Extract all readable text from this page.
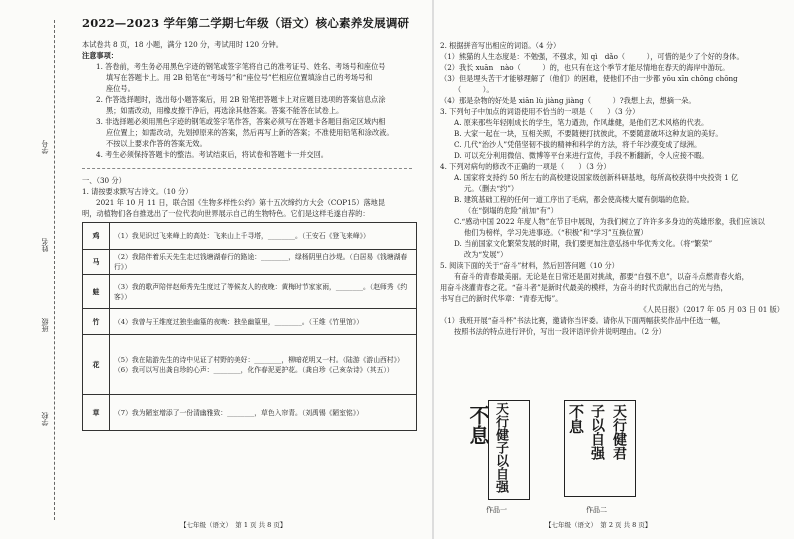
学号
姓名
班级
学校
2022—2023 学年第二学期七年级（语文）核心素养发展调研
本试卷共 8 页，18 小题，满分 120 分，考试用时 120 分钟。
注意事项：
1. 答卷前，考生务必用黑色字迹的钢笔或签字笔将自己的准考证号、姓名、考场号和座位号
填写在答题卡上。用 2B 铅笔在“考场号”和“座位号”栏相应位置填涂自己的考场号和
座位号。
2. 作答选择题时，选出每小题答案后，用 2B 铅笔把答题卡上对应题目选项的答案信息点涂
黑；如需改动，用橡皮擦干净后，再选涂其他答案。答案不能答在试卷上。
3. 非选择题必须用黑色字迹的钢笔或签字笔作答，答案必须写在答题卡各题目指定区域内相
应位置上；如需改动，先划掉原来的答案，然后再写上新的答案；不准使用铅笔和涂改液。
不按以上要求作答的答案无效。
4. 考生必须保持答题卡的整洁。考试结束后，将试卷和答题卡一并交回。
一、（30 分）
1. 请按要求默写古诗文。（10 分）
2021 年 10 月 11 日，联合国《生物多样性公约》第十五次缔约方大会（COP15）落地昆
明，动植物们各自推选出了一位代表向世界展示自己的生物特色。它们是这样毛遂自荐的：
鸡	（1）我见识过飞来峰上的高处：飞来山上千寻塔，________。（王安石《登飞来峰》）
马	（2）我陪伴着乐天先生走过钱塘湖春行的路途：________，绿杨阴里白沙堤。（白居易《钱塘湖春行》）
蛙	（3）我的歌声陪伴赵师秀先生度过了等候友人的夜晚：黄梅时节家家雨，________。（赵师秀《约客》）
竹	（4）我曾与王维度过独坐幽篁的夜晚：独坐幽篁里，________。（王维《竹里馆》）
花	（5）我在陆游先生的诗中见证了村野的美好：________，柳暗花明又一村。（陆游《游山西村》） （6）我可以写出龚自珍的心声：________，化作春泥更护花。（龚自珍《己亥杂诗》（其五））
草	（7）我为陋室增添了一份清幽雅致：________，草色入帘青。（刘禹锡《陋室铭》）
【七年级（语文）　第 1 页 共 8 页】
2. 根据拼音写出相应的词语。（4 分）
（1）熊猫的人生态度是：不勉强，不强求，知 qì　dǎo（　　　），可惜的是少了个好的身体。
（2）我长 xuān　nào（　　　）的，也只有在这个季节才能尽情地在春天的海岸中游玩。
（3）但是埋头苦干才能够理解了（他们）的困难，使他们不由一步都 yōu xīn chōng chōng
（　　　）。
（4）那是杂物的好处是 xiān lù jiàng jiàng（　　　）?我想上去，想摘一朵。
3. 下列句子中加点的词语使用不恰当的一项是（　　）（3 分）
A. 原来那些年轻刚成长的学生，笔力遒劲，作风雄健，是他们艺术风格的代表。
B. 大家一起在一块，互相关照，不要随便打扰彼此，不要随意破坏这种友谊的美好。
C. 几代“治沙人”凭借坚韧不拔的精神和科学的方法，将千年沙漠变成了绿洲。
D. 可以充分利用微信、微博等平台来进行宣传，手段不断翻新，令人应接不暇。
4. 下列对病句的修改不正确的一项是（　　）（3 分）
A. 国家将支持约 50 所左右的高校建设国家级创新科研基地，每所高校获得中央投资 1 亿
元。（删去“约”）
B. 建筑基础工程的任何一道工序出了毛病，都会使高楼大厦有倒塌的危险。
（在“倒塌的危险”前加“有”）
C.“感动中国 2022 年度人物”在节目中展现，为我们树立了许许多多身边的英雄形象，我们应该以
他们为榜样，学习先进事迹。（“积极”和“学习”互换位置）
D. 当前国家文化繁荣发展的时期，我们要更加注意弘扬中华优秀文化。（将“繁荣”
改为“发展”）
5. 阅读下面的关于“奋斗”材料，然后回答问题（10 分）
有奋斗的青春最美丽。无论是在日常还是面对挑战，都要“自强不息”，以奋斗点燃青春火焰，
用奋斗浇灌青春之花。“奋斗者”是新时代最美的模样，为奋斗的时代贡献出自己的光与热，
书写自己的新时代华章：“青春无悔”。
《人民日报》（2017 年 05 月 03 日 01 版）
（1）我班开展“奋斗杯”书法比赛，邀请你当评委。请你从下面两幅获奖作品中任选一幅，
按照书法的特点进行评价，写出一段评语评价并说明理由。（2 分）
不息 天行健子以自强
作品一
不息 子以自强 天行健君
作品二
【七年级（语文）　第 2 页 共 8 页】
